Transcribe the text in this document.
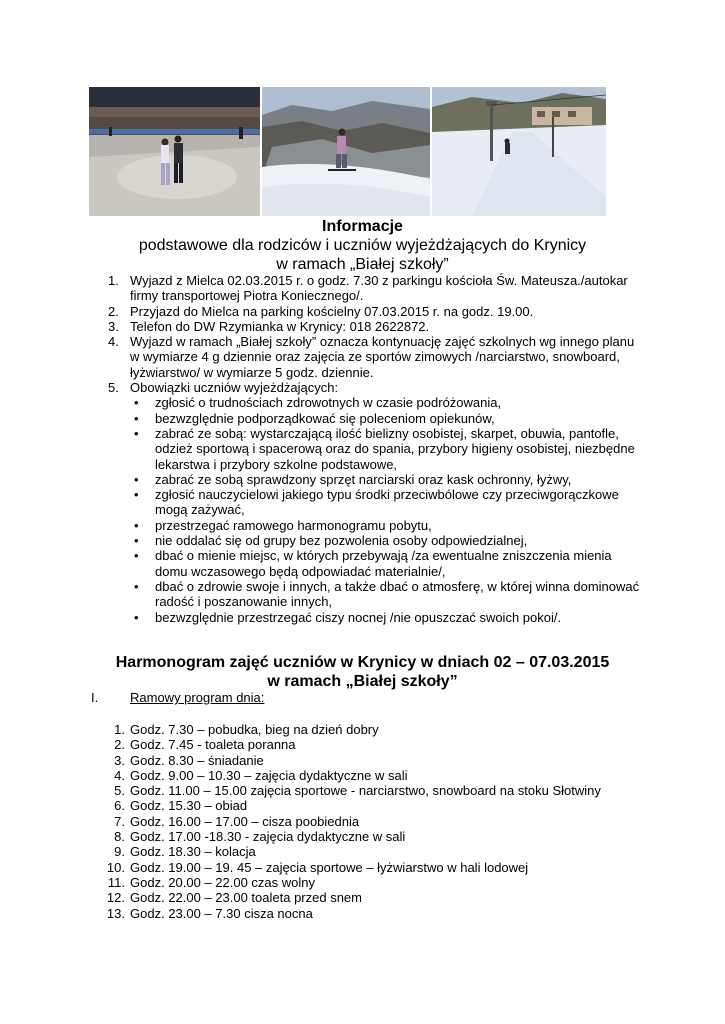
Informacje
podstawowe dla rodziców i uczniów wyjeżdżających do Krynicy
w ramach „Białej szkoły”
1. Wyjazd z Mielca 02.03.2015 r. o godz. 7.30 z parkingu kościoła Św. Mateusza./autokar firmy transportowej Piotra Koniecznego/.
2. Przyjazd do Mielca na parking kościelny 07.03.2015 r. na godz. 19.00.
3. Telefon do DW Rzymianka w Krynicy: 018 2622872.
4. Wyjazd w ramach „Białej szkoły” oznacza kontynuację zajęć szkolnych wg innego planu w wymiarze 4 g dziennie oraz zajęcia ze sportów zimowych /narciarstwo, snowboard, łyżwiarstwo/ w wymiarze 5 godz. dziennie.
5. Obowiązki uczniów wyjeżdżających:
• zgłosić o trudnościach zdrowotnych w czasie podróżowania,
• bezwzględnie podporządkować się poleceniom opiekunów,
• zabrać ze sobą: wystarczającą ilość bielizny osobistej, skarpet, obuwia, pantofle, odzież sportową i spacerową oraz do spania, przybory higieny osobistej, niezbędne lekarstwa i przybory szkolne podstawowe,
• zabrać ze sobą sprawdzony sprzęt narciarski oraz kask ochronny, łyżwy,
• zgłosić nauczycielowi jakiego typu środki przeciwbólowe czy przeciwgorączkowe mogą zażywać,
• przestrzegać ramowego harmonogramu pobytu,
• nie oddalać się od grupy bez pozwolenia osoby odpowiedzialnej,
• dbać o mienie miejsc, w których przebywają /za ewentualne zniszczenia mienia domu wczasowego będą odpowiadać materialnie/,
• dbać o zdrowie swoje i innych, a także dbać o atmosferę, w której winna dominować radość i poszanowanie innych,
• bezwzględnie przestrzegać ciszy nocnej /nie opuszczać swoich pokoi/.
Harmonogram zajęć uczniów w Krynicy w dniach 02 – 07.03.2015
w ramach „Białej szkoły”
I. Ramowy program dnia:
1. Godz. 7.30 – pobudka, bieg na dzień dobry
2. Godz. 7.45 - toaleta poranna
3. Godz. 8.30 – śniadanie
4. Godz. 9.00 – 10.30 – zajęcia dydaktyczne w sali
5. Godz. 11.00 – 15.00 zajęcia sportowe - narciarstwo, snowboard na stoku Słotwiny
6. Godz. 15.30 – obiad
7. Godz. 16.00 – 17.00 – cisza poobiednia
8. Godz. 17.00 -18.30 - zajęcia dydaktyczne w sali
9. Godz. 18.30 – kolacja
10. Godz. 19.00 – 19. 45 – zajęcia sportowe – łyżwiarstwo w hali lodowej
11. Godz. 20.00 – 22.00 czas wolny
12. Godz. 22.00 – 23.00 toaleta przed snem
13. Godz. 23.00 – 7.30 cisza nocna
